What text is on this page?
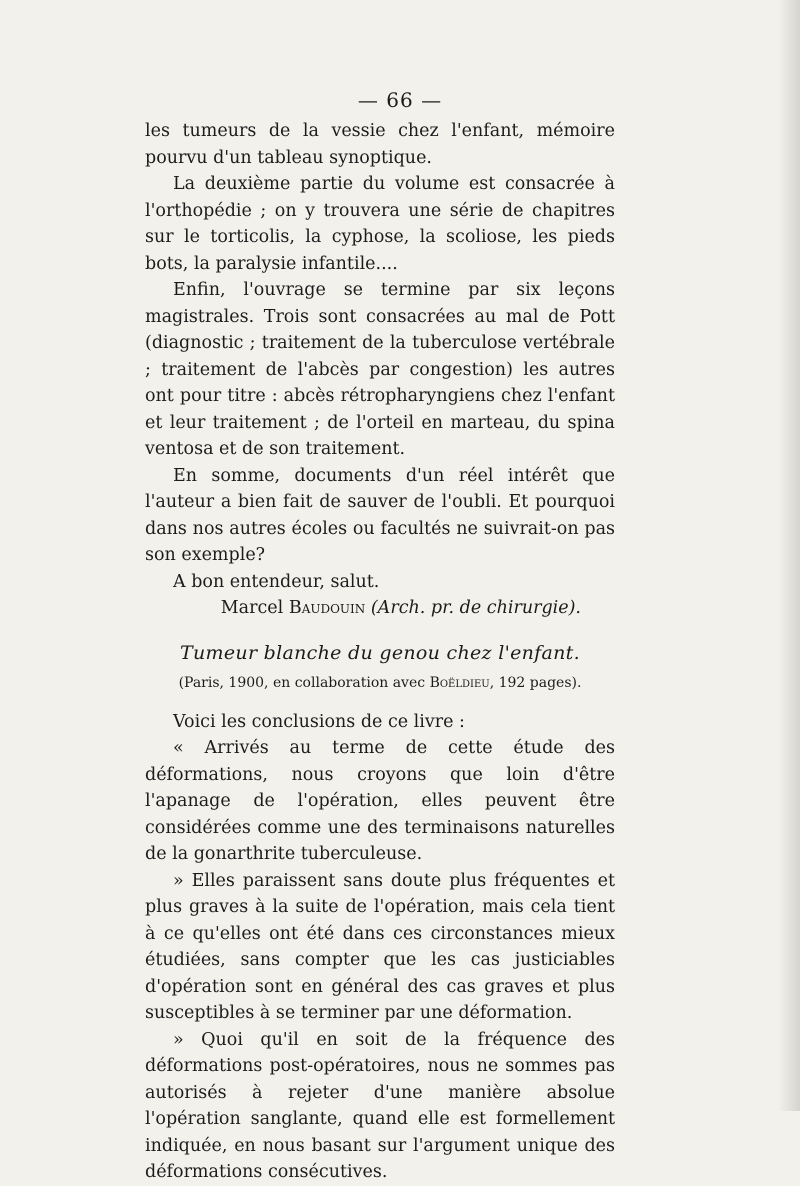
— 66 —

les tumeurs de la vessie chez l'enfant, mémoire pourvu d'un tableau synoptique.

La deuxième partie du volume est consacrée à l'orthopédie ; on y trouvera une série de chapitres sur le torticolis, la cyphose, la scoliose, les pieds bots, la paralysie infantile....

Enfin, l'ouvrage se termine par six leçons magistrales. Trois sont consacrées au mal de Pott (diagnostic ; traitement de la tuberculose vertébrale ; traitement de l'abcès par congestion) les autres ont pour titre : abcès rétropharyngiens chez l'enfant et leur traitement ; de l'orteil en marteau, du spina ventosa et de son traitement.

En somme, documents d'un réel intérêt que l'auteur a bien fait de sauver de l'oubli. Et pourquoi dans nos autres écoles ou facultés ne suivrait-on pas son exemple?

A bon entendeur, salut.

Marcel Baudouin (Arch. pr. de chirurgie).

Tumeur blanche du genou chez l'enfant.

(Paris, 1900, en collaboration avec Boëldieu, 192 pages).

Voici les conclusions de ce livre :

« Arrivés au terme de cette étude des déformations, nous croyons que loin d'être l'apanage de l'opération, elles peuvent être considérées comme une des terminaisons naturelles de la gonarthrite tuberculeuse.

» Elles paraissent sans doute plus fréquentes et plus graves à la suite de l'opération, mais cela tient à ce qu'elles ont été dans ces circonstances mieux étudiées, sans compter que les cas justiciables d'opération sont en général des cas graves et plus susceptibles à se terminer par une déformation.

» Quoi qu'il en soit de la fréquence des déformations post-opératoires, nous ne sommes pas autorisés à rejeter d'une manière absolue l'opération sanglante, quand elle est formellement indiquée, en nous basant sur l'argument unique des déformations consécutives.
